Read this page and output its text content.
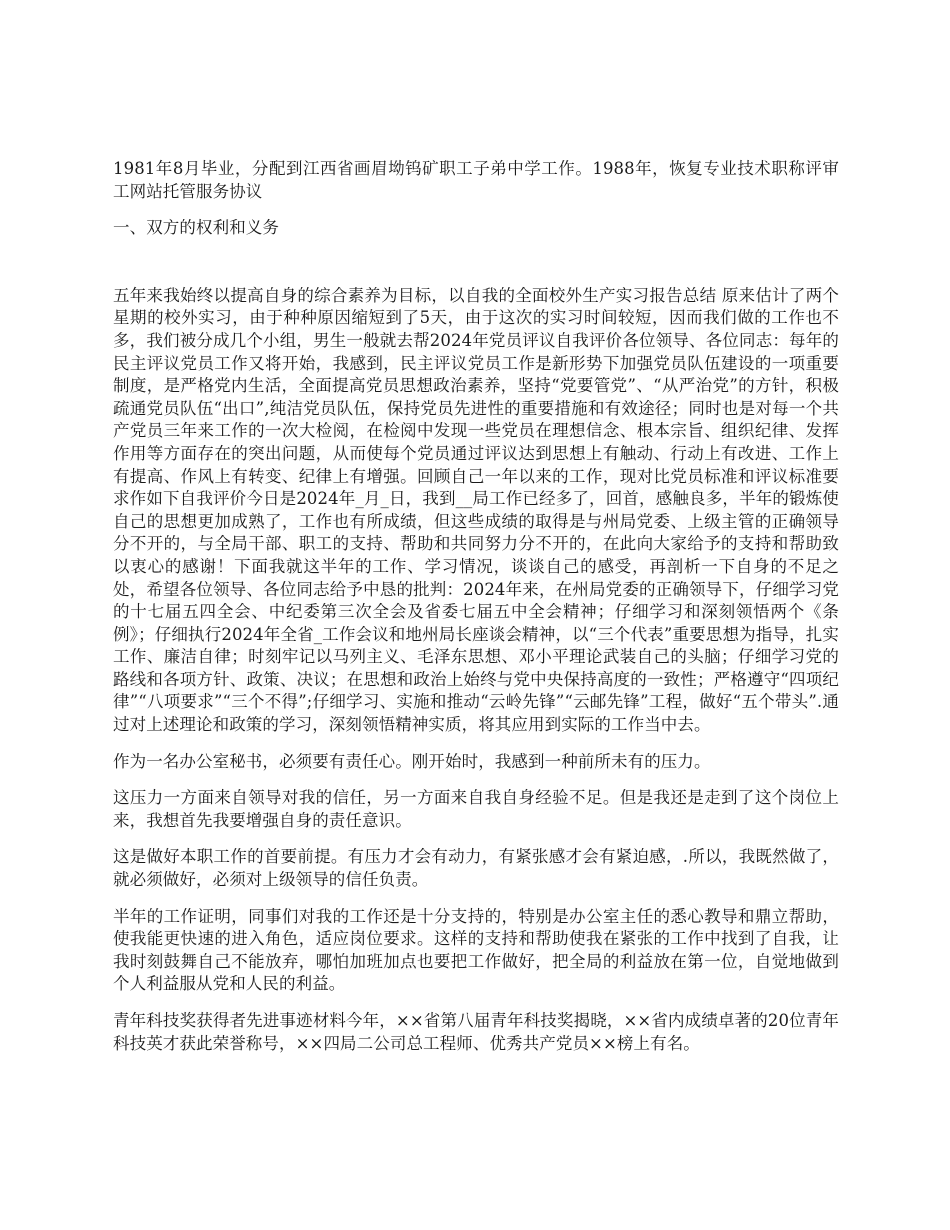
1981年8月毕业，分配到江西省画眉坳钨矿职工子弟中学工作。1988年，恢复专业技术职称评审工网站托管服务协议

一、双方的权利和义务

五年来我始终以提高自身的综合素养为目标，以自我的全面校外生产实习报告总结 原来估计了两个星期的校外实习，由于种种原因缩短到了5天，由于这次的实习时间较短，因而我们做的工作也不多，我们被分成几个小组，男生一般就去帮2024年党员评议自我评价各位领导、各位同志：每年的民主评议党员工作又将开始，我感到，民主评议党员工作是新形势下加强党员队伍建设的一项重要制度，是严格党内生活，全面提高党员思想政治素养，坚持“党要管党”、“从严治党”的方针，积极疏通党员队伍“出口”,纯洁党员队伍，保持党员先进性的重要措施和有效途径；同时也是对每一个共产党员三年来工作的一次大检阅，在检阅中发现一些党员在理想信念、根本宗旨、组织纪律、发挥作用等方面存在的突出问题，从而使每个党员通过评议达到思想上有触动、行动上有改进、工作上有提高、作风上有转变、纪律上有增强。回顾自己一年以来的工作，现对比党员标准和评议标准要求作如下自我评价今日是2024年_月_日，我到__局工作已经多了，回首，感触良多，半年的锻炼使自己的思想更加成熟了，工作也有所成绩，但这些成绩的取得是与州局党委、上级主管的正确领导分不开的，与全局干部、职工的支持、帮助和共同努力分不开的，在此向大家给予的支持和帮助致以衷心的感谢！下面我就这半年的工作、学习情况，谈谈自己的感受，再剖析一下自身的不足之处，希望各位领导、各位同志给予中恳的批判：2024年来，在州局党委的正确领导下，仔细学习党的十七届五四全会、中纪委第三次全会及省委七届五中全会精神；仔细学习和深刻领悟两个《条例》；仔细执行2024年全省_工作会议和地州局长座谈会精神，以“三个代表”重要思想为指导，扎实工作、廉洁自律；时刻牢记以马列主义、毛泽东思想、邓小平理论武装自己的头脑；仔细学习党的路线和各项方针、政策、决议；在思想和政治上始终与党中央保持高度的一致性；严格遵守“四项纪律”“八项要求”“三个不得”;仔细学习、实施和推动“云岭先锋”“云邮先锋”工程，做好“五个带头”.通过对上述理论和政策的学习，深刻领悟精神实质，将其应用到实际的工作当中去。

作为一名办公室秘书，必须要有责任心。刚开始时，我感到一种前所未有的压力。

这压力一方面来自领导对我的信任，另一方面来自我自身经验不足。但是我还是走到了这个岗位上来，我想首先我要增强自身的责任意识。

这是做好本职工作的首要前提。有压力才会有动力，有紧张感才会有紧迫感，.所以，我既然做了，就必须做好，必须对上级领导的信任负责。

半年的工作证明，同事们对我的工作还是十分支持的，特别是办公室主任的悉心教导和鼎立帮助，使我能更快速的进入角色，适应岗位要求。这样的支持和帮助使我在紧张的工作中找到了自我，让我时刻鼓舞自己不能放弃，哪怕加班加点也要把工作做好，把全局的利益放在第一位，自觉地做到个人利益服从党和人民的利益。

青年科技奖获得者先进事迹材料今年，××省第八届青年科技奖揭晓，××省内成绩卓著的20位青年科技英才获此荣誉称号，××四局二公司总工程师、优秀共产党员××榜上有名。
